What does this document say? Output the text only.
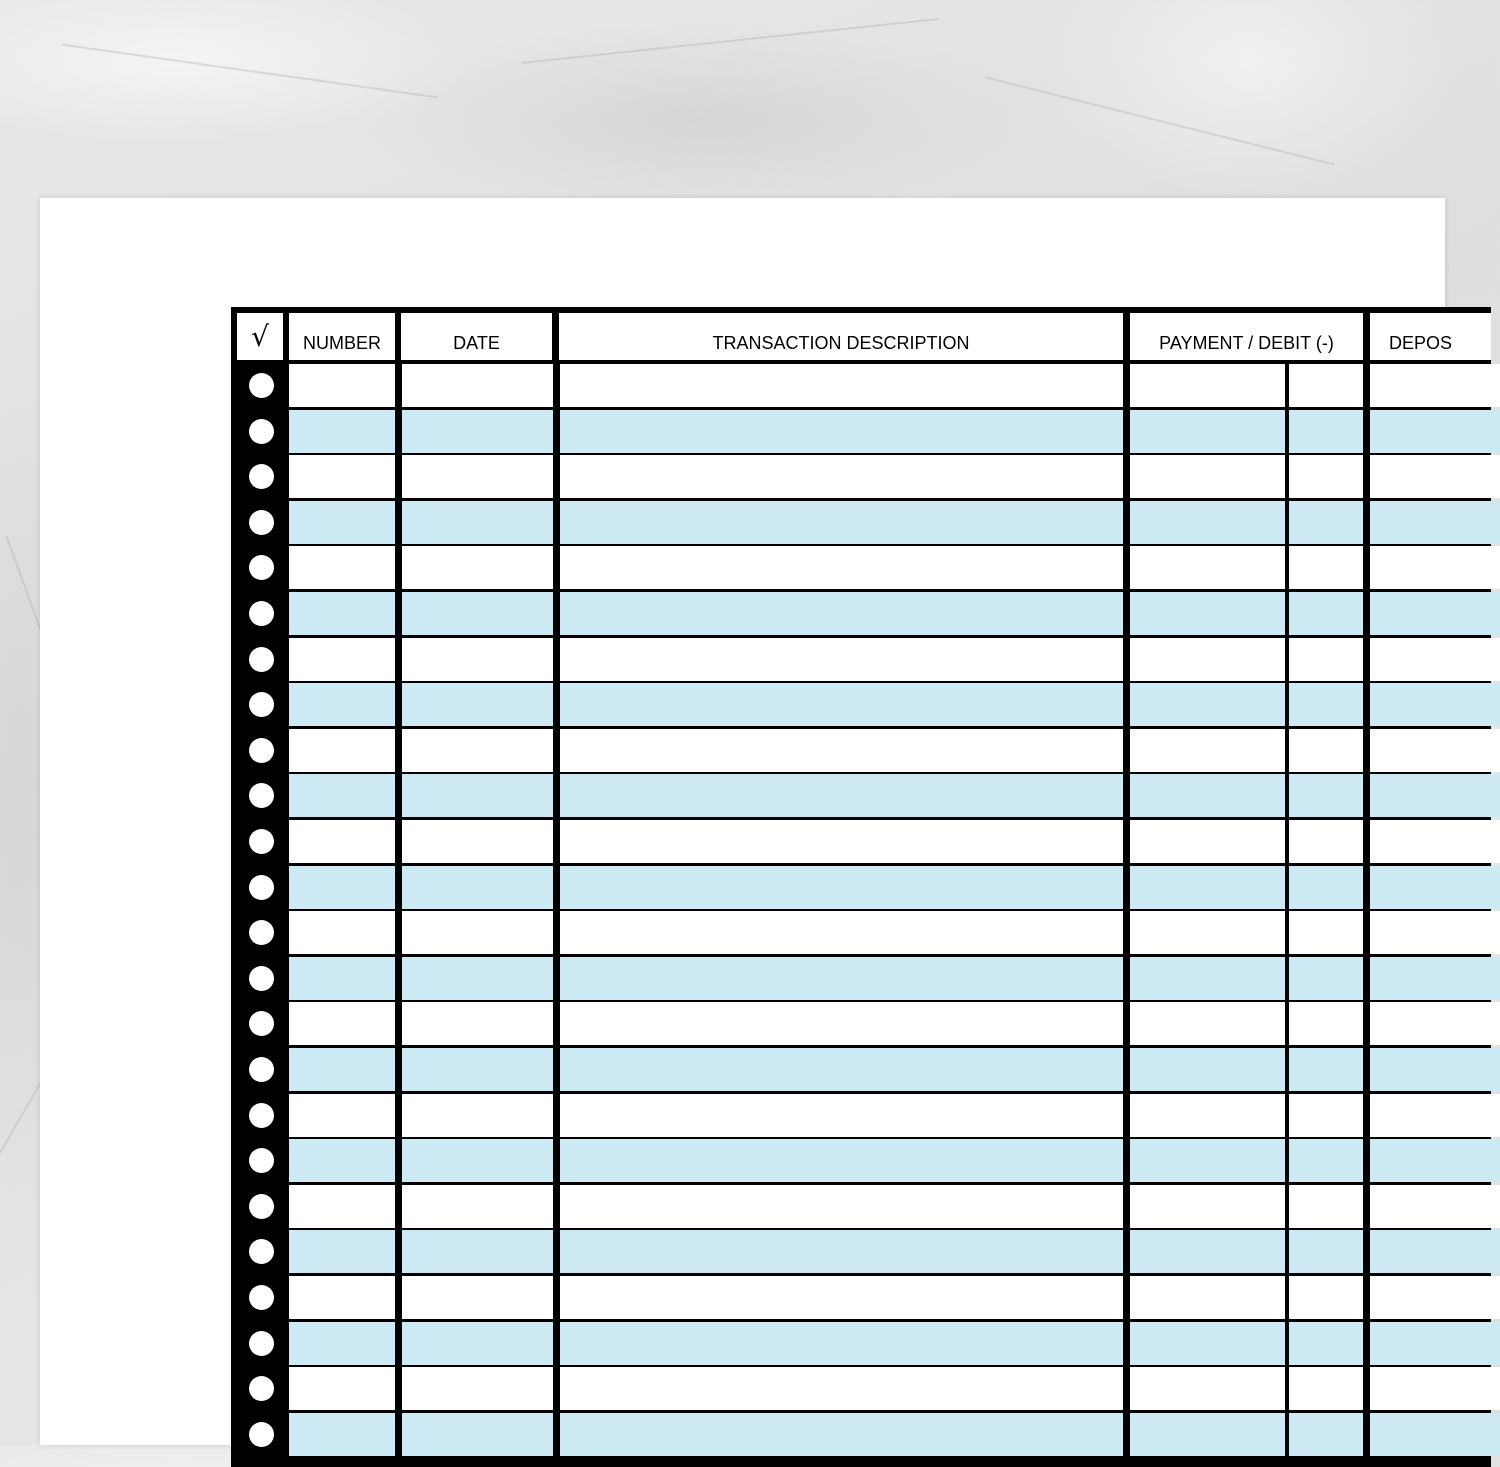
√ NUMBER	DATE	TRANSACTION DESCRIPTION	PAYMENT / DEBIT (-)	DEPOS
